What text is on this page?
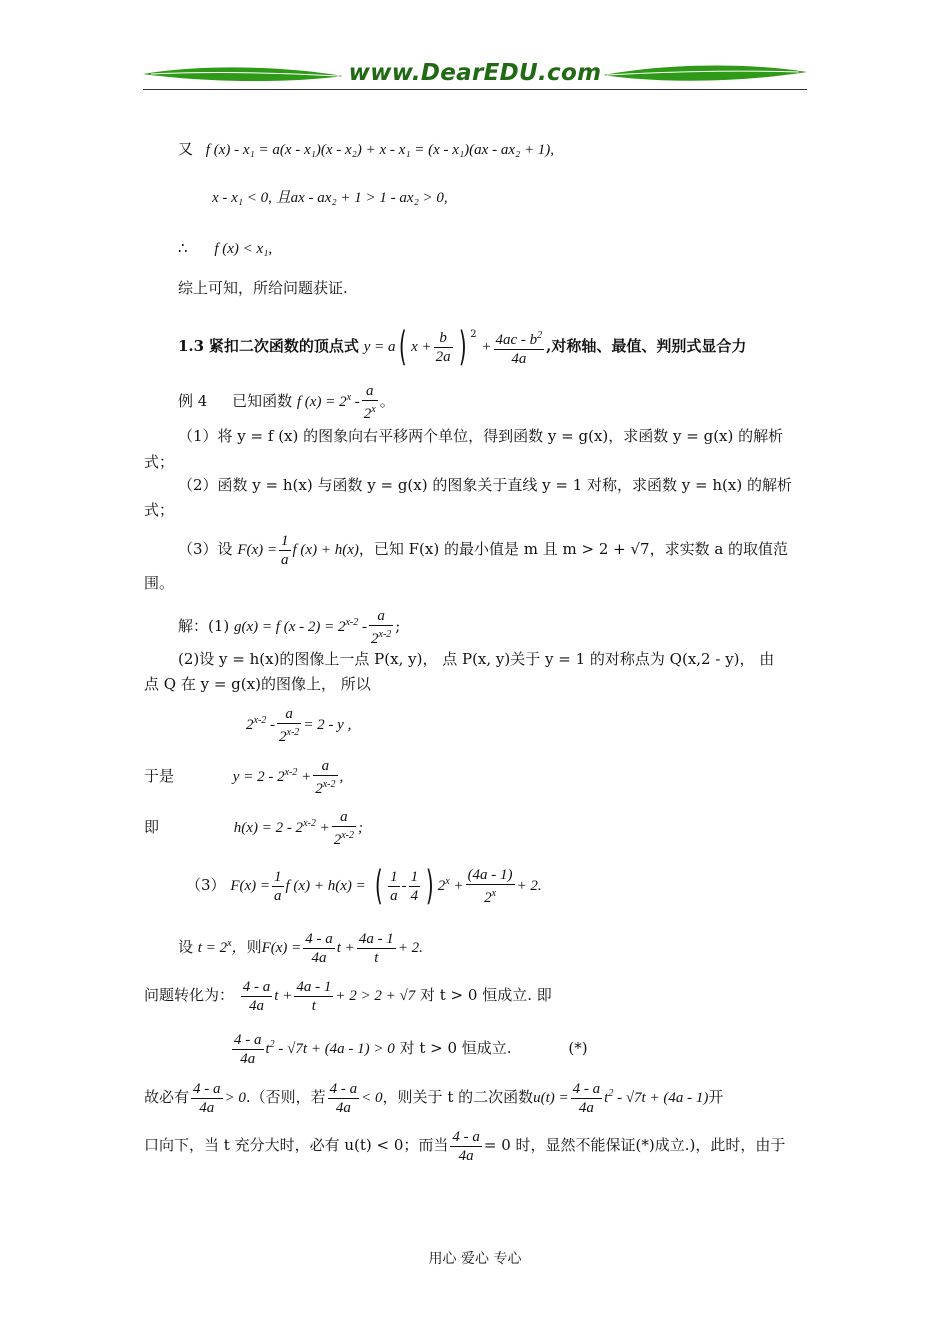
www.DearEDU.com
又 f (x) - x₁ = a(x - x₁)(x - x₂) + x - x₁ = (x - x₁)(ax - ax₂ + 1),
x - x₁ < 0, 且ax - ax₂ + 1 > 1 - ax₂ > 0,
∴ f (x) < x₁,
综上可知，所给问题获证.
1.3 紧扣二次函数的顶点式 y = a( $x + \frac{b}{2a}$ ) $^2 + \frac{4ac - b^2}{4a}$ ,对称轴、最值、判别式显合力
例 4 已知函数 f $(x) = 2^x - \frac{a}{2^x}$ 。
（1）将 y = f (x) 的图象向右平移两个单位，得到函数 y = g(x)，求函数 y = g(x) 的解析
式；
（2）函数 y = h(x) 与函数 y = g(x) 的图象关于直线 y = 1 对称，求函数 y = h(x) 的解析
式；
（3）设 $F(x) = \frac{1}{a}$ f (x) + h(x)，已知 F(x) 的最小值是 m 且 m > 2 + √7，求实数 a 的取值范
围。
解：(1) g(x) = f $(x - 2) = 2^{x-2} - \frac{a}{2^{x-2}}$ ;
(2)设 y = h(x)的图像上一点 P(x, y)， 点 P(x, y)关于 y = 1 的对称点为 Q(x,2 - y)， 由
点 Q 在 y = g(x)的图像上， 所以
$2^{x-2} - \frac{a}{2^{x-2}} = 2 - y$ ,
于是	$y = 2 - 2^{x-2} + \frac{a}{2^{x-2}}$ ,
即	$h(x) = 2 - 2^{x-2} + \frac{a}{2^{x-2}}$ ;
（3） $F(x) = \frac{1}{a}$ f (x) + h(x) = ( $\frac{1}{a} - \frac{1}{4}$ ) $2^x + \frac{(4a - 1)}{2^x} + 2$.
设 $t = 2^x$，则$F(x) = \frac{4 - a}{4a}$ $t + \frac{4a - 1}{t} + 2$.
问题转化为： $\frac{4 - a}{4a}$ $t + \frac{4a - 1}{t} + 2 > 2 + √7$ 对 t > 0 恒成立. 即
$\frac{4 - a}{4a} t^2 - √7t + (4a - 1) > 0$ 对 t > 0 恒成立.	(*)
故必有 $\frac{4 - a}{4a} > 0$.（否则，若 $\frac{4 - a}{4a} < 0$，则关于 t 的二次函数$u(t) = \frac{4 - a}{4a} t^2 - √7t + (4a - 1)$开
口向下，当 t 充分大时，必有 u(t) < 0；而当 $\frac{4 - a}{4a} = 0$ 时，显然不能保证(*)成立.)，此时，由于
用心 爱心 专心
